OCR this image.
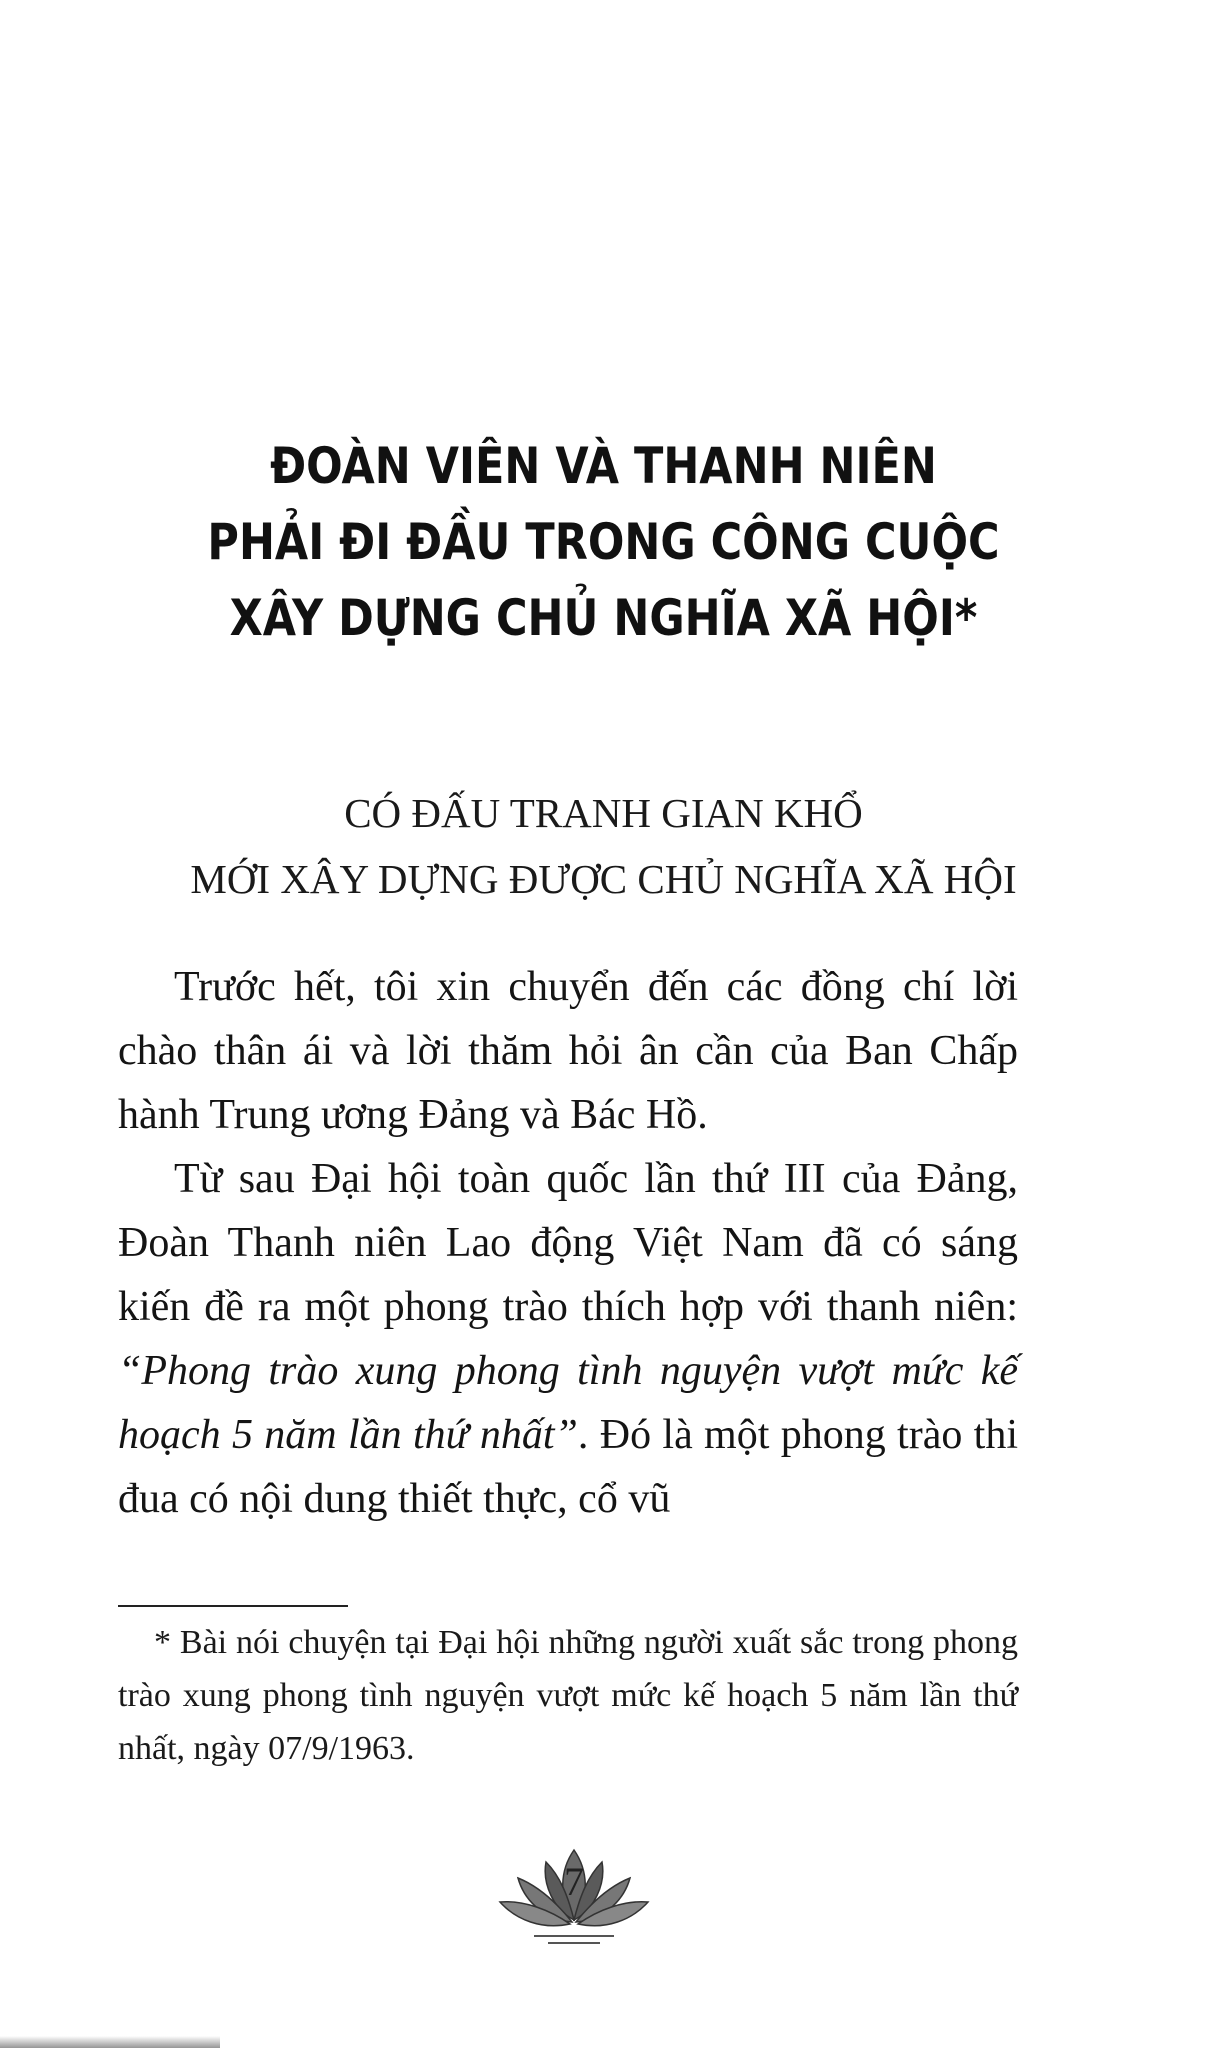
ĐOÀN VIÊN VÀ THANH NIÊN
PHẢI ĐI ĐẦU TRONG CÔNG CUỘC
XÂY DỰNG CHỦ NGHĨA XÃ HỘI*
CÓ ĐẤU TRANH GIAN KHỔ
MỚI XÂY DỰNG ĐƯỢC CHỦ NGHĨA XÃ HỘI

Trước hết, tôi xin chuyển đến các đồng chí lời chào thân ái và lời thăm hỏi ân cần của Ban Chấp hành Trung ương Đảng và Bác Hồ.

Từ sau Đại hội toàn quốc lần thứ III của Đảng, Đoàn Thanh niên Lao động Việt Nam đã có sáng kiến đề ra một phong trào thích hợp với thanh niên: “Phong trào xung phong tình nguyện vượt mức kế hoạch 5 năm lần thứ nhất”. Đó là một phong trào thi đua có nội dung thiết thực, cổ vũ

* Bài nói chuyện tại Đại hội những người xuất sắc trong phong trào xung phong tình nguyện vượt mức kế hoạch 5 năm lần thứ nhất, ngày 07/9/1963.

7
